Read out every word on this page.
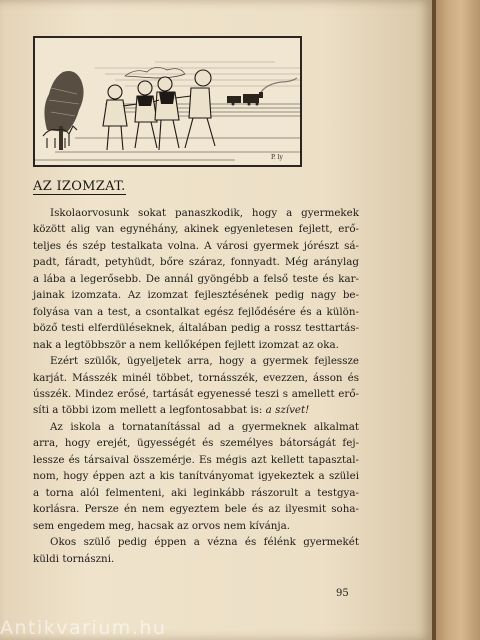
P. ly
AZ IZOMZAT.
Iskolaorvosunk sokat panaszkodik, hogy a gyermekek
között alig van egynéhány, akinek egyenletesen fejlett, erő-
teljes és szép testalkata volna. A városi gyermek jórészt sá-
padt, fáradt, petyhüdt, bőre száraz, fonnyadt. Még aránylag
a lába a legerősebb. De annál gyöngébb a felső teste és kar-
jainak izomzata. Az izomzat fejlesztésének pedig nagy be-
folyása van a test, a csontalkat egész fejlődésére és a külön-
böző testi elferdüléseknek, általában pedig a rossz testtartás-
nak a legtöbbször a nem kellőképen fejlett izomzat az oka.
Ezért szülők, ügyeljetek arra, hogy a gyermek fejlessze
karját. Másszék minél többet, tornásszék, evezzen, ásson és
ússzék. Mindez erősé, tartását egyenessé teszi s amellett erő-
síti a többi izom mellett a legfontosabbat is: a szívet!
Az iskola a tornatanítással ad a gyermeknek alkalmat
arra, hogy erejét, ügyességét és személyes bátorságát fej-
lessze és társaival összemérje. Es mégis azt kellett tapasztal-
nom, hogy éppen azt a kis tanítványomat igyekeztek a szülei
a torna alól felmenteni, aki leginkább rászorult a testgya-
korlásra. Persze én nem egyeztem bele és az ilyesmit soha-
sem engedem meg, hacsak az orvos nem kívánja.
Okos szülő pedig éppen a vézna és félénk gyermekét
küldi tornászni.
95
Antikvarium.hu
